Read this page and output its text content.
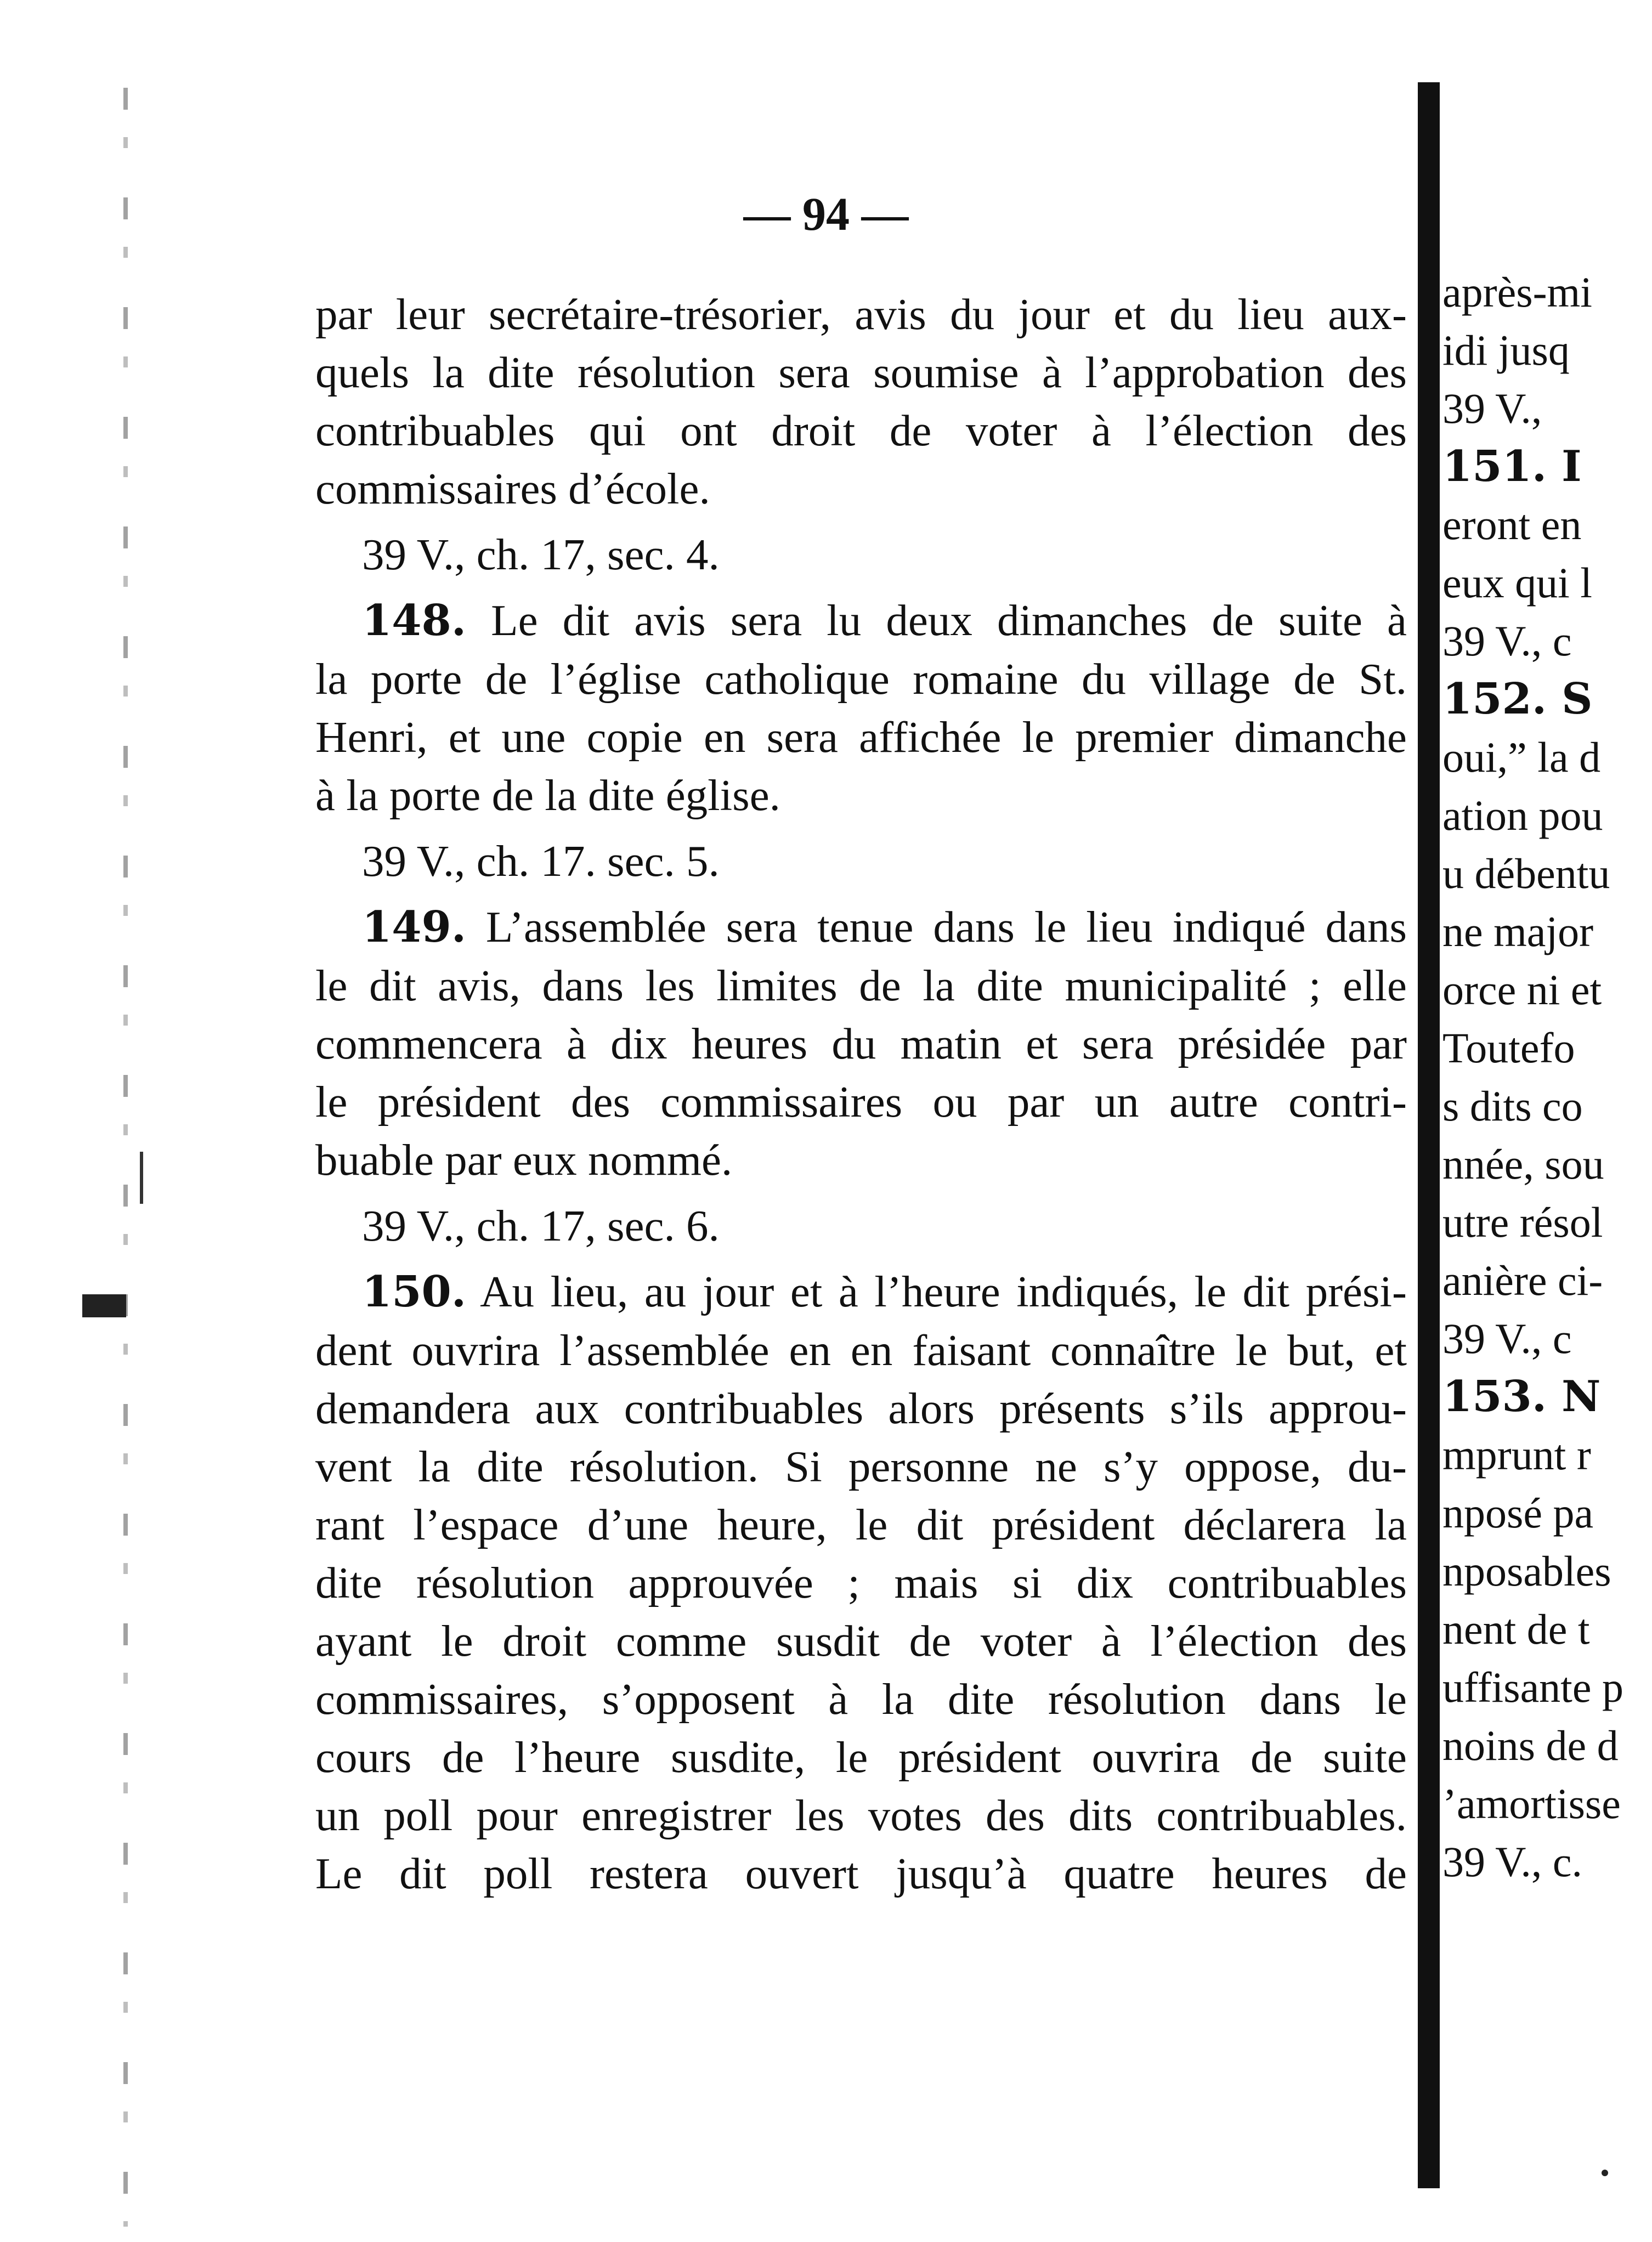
— 94 —

par leur secrétaire-trésorier, avis du jour et du lieu aux-
quels la dite résolution sera soumise à l’approbation des
contribuables qui ont droit de voter à l’élection des
commissaires d’école.

39 V., ch. 17, sec. 4.

148. Le dit avis sera lu deux dimanches de suite à
la porte de l’église catholique romaine du village de St.
Henri, et une copie en sera affichée le premier dimanche
à la porte de la dite église.

39 V., ch. 17. sec. 5.

149. L’assemblée sera tenue dans le lieu indiqué dans
le dit avis, dans les limites de la dite municipalité ; elle
commencera à dix heures du matin et sera présidée par
le président des commissaires ou par un autre contri-
buable par eux nommé.

39 V., ch. 17, sec. 6.

150. Au lieu, au jour et à l’heure indiqués, le dit prési-
dent ouvrira l’assemblée en en faisant connaître le but, et
demandera aux contribuables alors présents s’ils approu-
vent la dite résolution. Si personne ne s’y oppose, du-
rant l’espace d’une heure, le dit président déclarera la
dite résolution approuvée ; mais si dix contribuables
ayant le droit comme susdit de voter à l’élection des
commissaires, s’opposent à la dite résolution dans le
cours de l’heure susdite, le président ouvrira de suite
un poll pour enregistrer les votes des dits contribuables.
Le dit poll restera ouvert jusqu’à quatre heures de

après-mi
idi jusq
39 V.,
151. I
eront en
eux qui l
39 V., c
152. S
oui,” la d
ation pou
u débentu
ne major
orce ni et
Toutefo
s dits co
nnée, sou
utre résol
anière ci-
39 V., c
153. N
mprunt r
nposé pa
nposables
nent de t
uffisante p
noins de d
’amortisse
39 V., c.
